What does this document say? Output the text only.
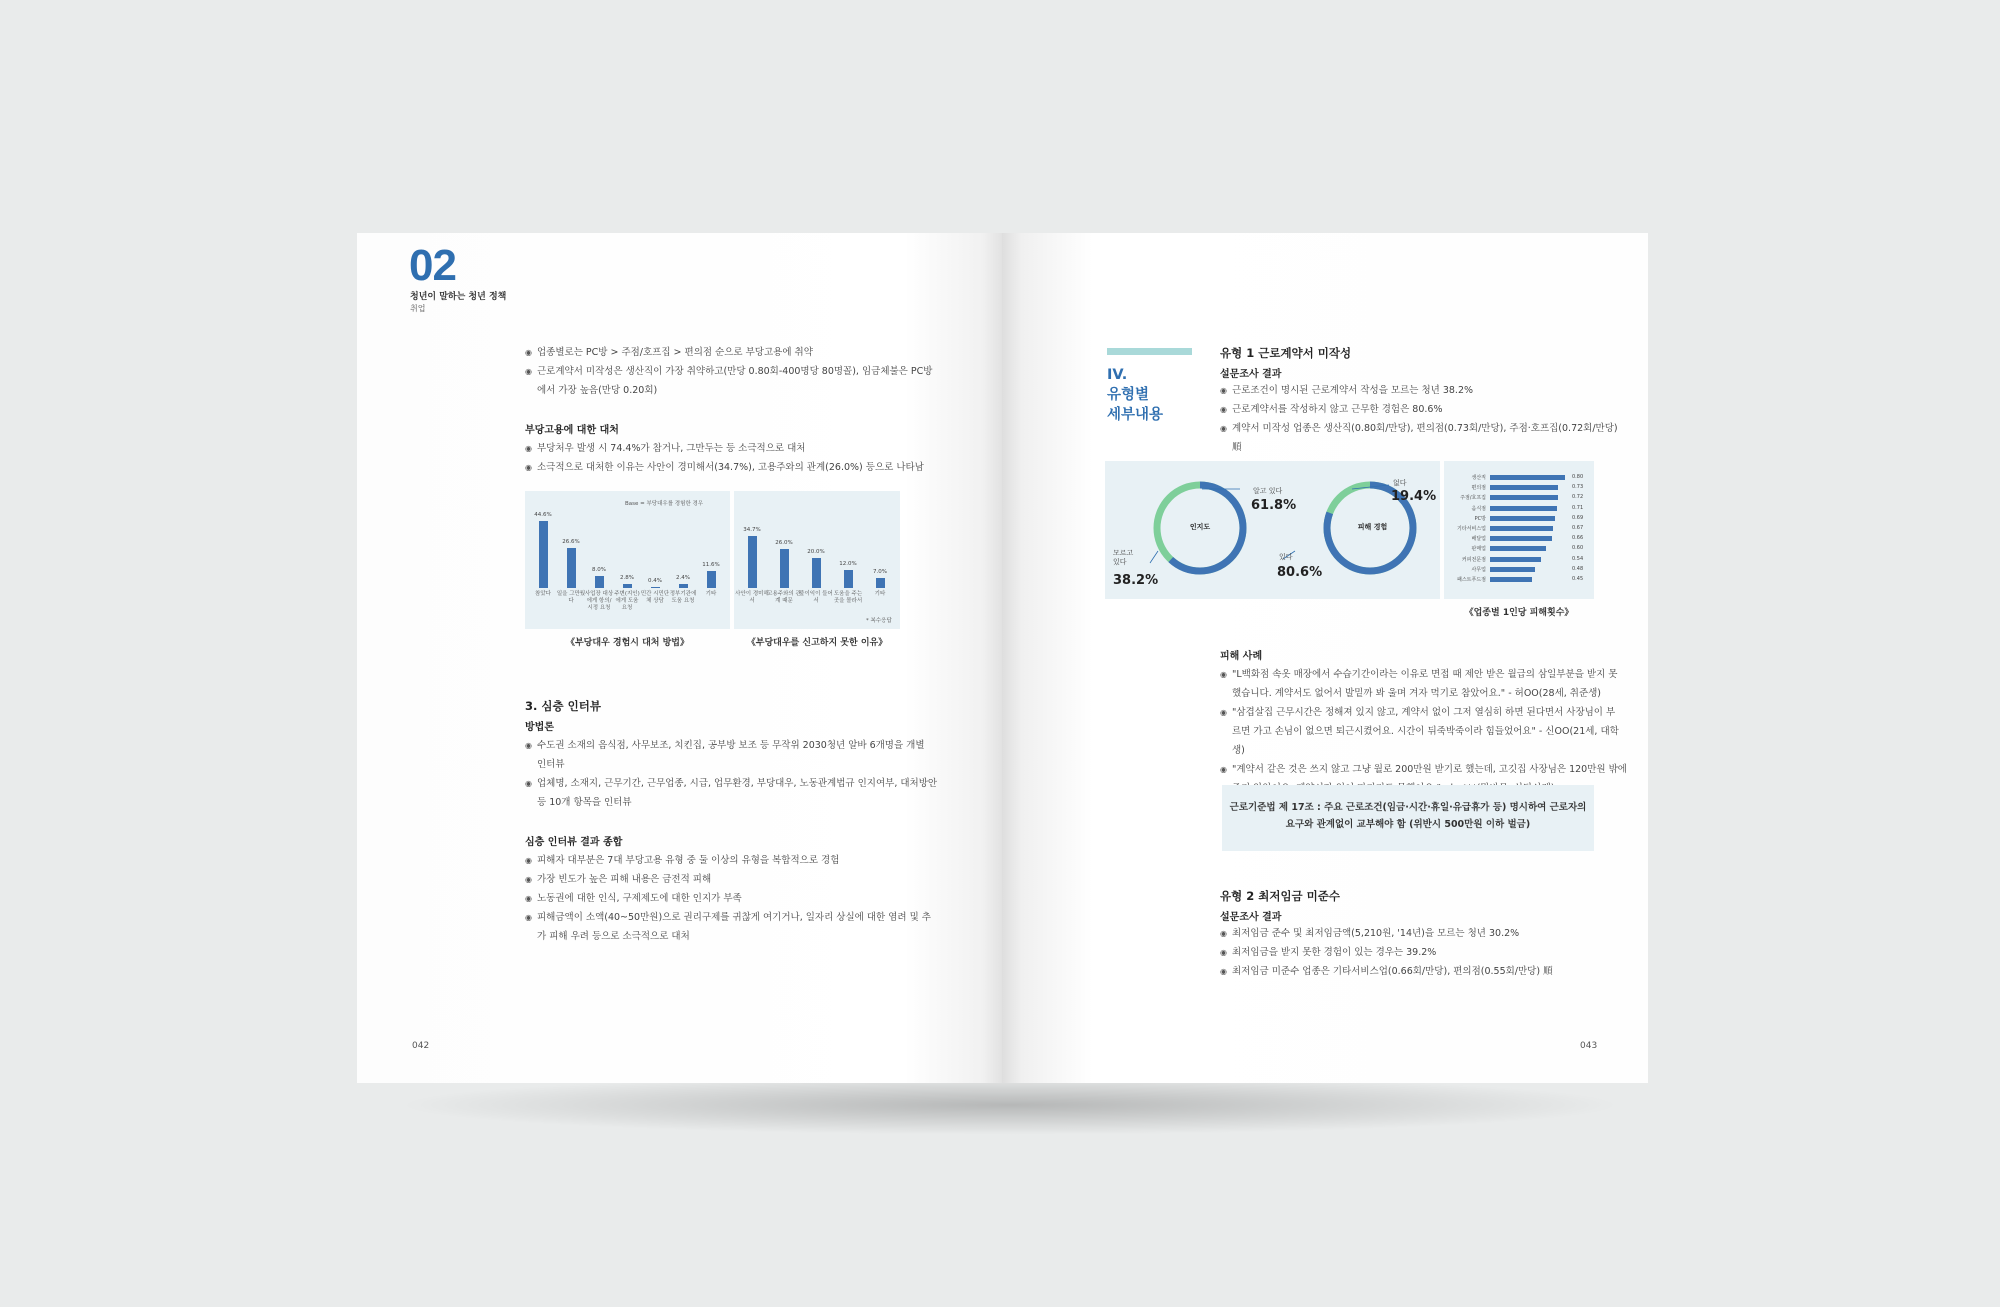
02
청년이 말하는 청년 정책
취업

◉ 업종별로는 PC방 > 주점/호프집 > 편의점 순으로 부당고용에 취약

◉ 근로계약서 미작성은 생산직이 가장 취약하고(만당 0.80회-400명당 80명꼴), 임금체불은 PC방

에서 가장 높음(만당 0.20회)
부당고용에 대한 대처

◉ 부당처우 발생 시 74.4%가 참거나, 그만두는 등 소극적으로 대처

◉ 소극적으로 대처한 이유는 사안이 경미해서(34.7%), 고용주와의 관계(26.0%) 등으로 나타남

Base = 부당대우를 경험한 경우
44.6%
참았다
26.6%
일을 그만뒀다
8.0%
사업장 대상에게 항의/시정 요청
2.8%
주변(지인)에게 도움 요청
0.4%
민간 시민단체 상담
2.4%
정부기관에 도움 요청
11.6%
기타
34.7%
사안이 경미해서
26.0%
고용주와의 관계 때문
20.0%
불이익이 들어서
12.0%
도움을 주는 곳을 몰라서
7.0%
기타
* 복수응답
《부당대우 경험시 대처 방법》	《부당대우를 신고하지 못한 이유》
3. 심층 인터뷰
방법론

◉ 수도권 소재의 음식점, 사무보조, 치킨집, 공부방 보조 등 무작위 2030청년 알바 6개명을 개별

인터뷰

◉ 업체명, 소재지, 근무기간, 근무업종, 시급, 업무환경, 부당대우, 노동관계법규 인지여부, 대처방안

등 10개 항목을 인터뷰
심층 인터뷰 결과 종합

◉ 피해자 대부분은 7대 부당고용 유형 중 둘 이상의 유형을 복합적으로 경험

◉ 가장 빈도가 높은 피해 내용은 금전적 피해

◉ 노동권에 대한 인식, 구제제도에 대한 인지가 부족

◉ 피해금액이 소액(40~50만원)으로 권리구제를 귀찮게 여기거나, 일자리 상실에 대한 염려 및 추

가 피해 우려 등으로 소극적으로 대처
042
IV.
유형별
세부내용
유형 1 근로계약서 미작성
설문조사 결과

◉ 근로조건이 명시된 근로계약서 작성을 모르는 청년 38.2%

◉ 근로계약서를 작성하지 않고 근무한 경험은 80.6%

◉ 계약서 미작성 업종은 생산직(0.80회/만당), 편의점(0.73회/만당), 주점·호프집(0.72회/만당) 順

인지도
알고 있다
61.8%
모르고 있다
38.2%
피해 경험
없다
19.4%
있다
80.6%
생산직	0.80
편의점	0.73
주점/호프집	0.72
음식점	0.71
PC방	0.69
기타서비스업	0.67
배달업	0.66
판매업	0.60
커피전문점	0.54
사무업	0.48
패스트푸드점	0.45
《업종별 1인당 피해횟수》
피해 사례

◉ "L백화점 속옷 매장에서 수습기간이라는 이유로 면접 때 제안 받은 월급의 삼일부분을 받지 못

했습니다. 계약서도 없어서 발밑까 봐 울며 겨자 먹기로 참았어요." - 허OO(28세, 취준생)

◉ "삼겹살집 근무시간은 정해져 있지 않고, 계약서 없이 그저 열심히 하면 된다면서 사장님이 부

르면 가고 손님이 없으면 퇴근시켰어요. 시간이 뒤죽박죽이라 힘들었어요" - 신OO(21세, 대학생)

◉ "계약서 같은 것은 쓰지 않고 그냥 월로 200만원 받기로 했는데, 고깃집 사장님은 120만원 밖에

근로기준법 제 17조 : 주요 근로조건(임금·시간·휴일·유급휴가 등) 명시하여 근로자의
요구와 관계없이 교부해야 함 (위반시 500만원 이하 벌금)
유형 2 최저임금 미준수
설문조사 결과

◉ 최저임금 준수 및 최저임금액(5,210원, '14년)을 모르는 청년 30.2%

◉ 최저임금을 받지 못한 경험이 있는 경우는 39.2%

◉ 최저임금 미준수 업종은 기타서비스업(0.66회/만당), 편의점(0.55회/만당) 順

043
